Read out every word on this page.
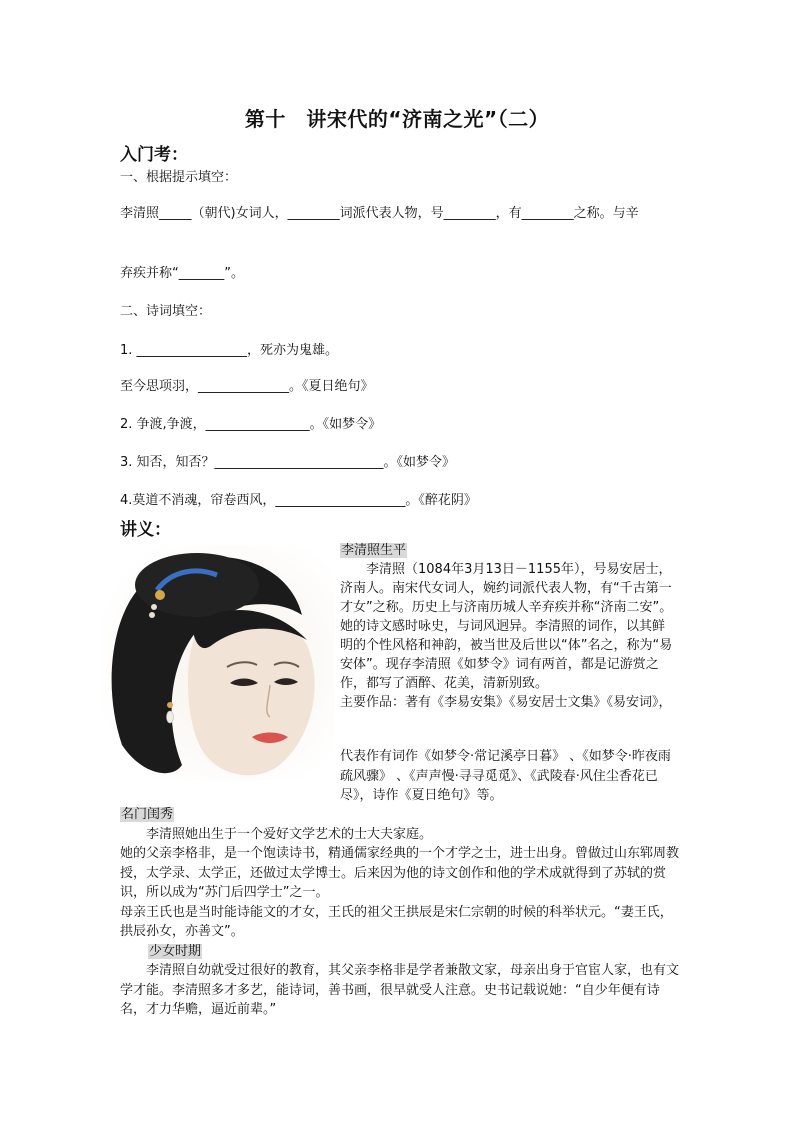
第十　讲宋代的“济南之光”（二）
入门考：
一、根据提示填空：
李清照_____（朝代)女词人，________词派代表人物，号________，有________之称。与辛
弃疾并称“_______”。
二、诗词填空：
1. _________________，死亦为鬼雄。
至今思项羽，______________。《夏日绝句》
2. 争渡,争渡，________________。《如梦令》
3. 知否，知否？__________________________。《如梦令》
4.莫道不消魂，帘卷西风，____________________。《醉花阴》
讲义：

李清照生平

李清照（1084年3月13日－1155年），号易安居士，济南人。南宋代女词人，婉约词派代表人物，有“千古第一才女”之称。历史上与济南历城人辛弃疾并称“济南二安”。她的诗文感时咏史，与词风迥异。李清照的词作，以其鲜明的个性风格和神韵，被当世及后世以“体”名之，称为“易安体”。现存李清照《如梦令》词有两首，都是记游赏之作，都写了酒醉、花美，清新别致。

主要作品：著有《李易安集》《易安居士文集》《易安词》，

代表作有词作《如梦令·常记溪亭日暮》 、《如梦令·昨夜雨疏风骤》 、《声声慢·寻寻觅觅》、《武陵春·风住尘香花已尽》，诗作《夏日绝句》等。

名门闺秀

李清照她出生于一个爱好文学艺术的士大夫家庭。

她的父亲李格非，是一个饱读诗书，精通儒家经典的一个才学之士，进士出身。曾做过山东郓周教授，太学录、太学正，还做过太学博士。后来因为他的诗文创作和他的学术成就得到了苏轼的赏识，所以成为“苏门后四学士”之一。

母亲王氏也是当时能诗能文的才女，王氏的祖父王拱辰是宋仁宗朝的时候的科举状元。“妻王氏，拱辰孙女，亦善文”。

少女时期

李清照自幼就受过很好的教育，其父亲李格非是学者兼散文家，母亲出身于官宦人家，也有文学才能。李清照多才多艺，能诗词，善书画，很早就受人注意。史书记载说她：“自少年便有诗名，才力华赡，逼近前辈。”
